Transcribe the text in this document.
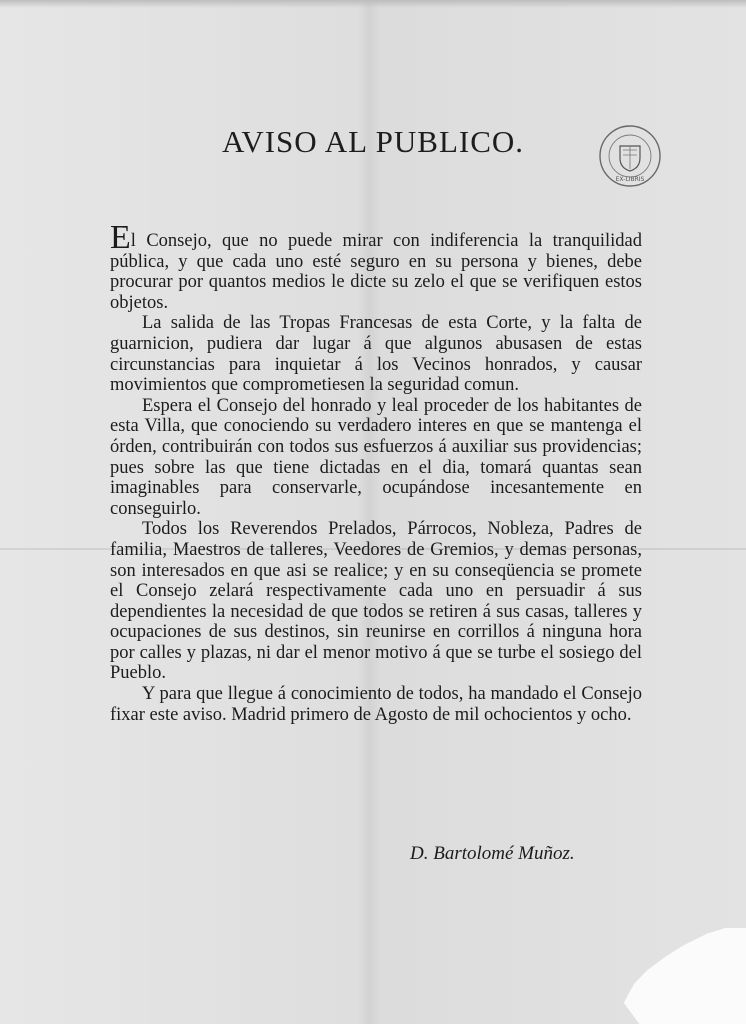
AVISO AL PUBLICO.
EX-LIBRIS

El Consejo, que no puede mirar con indiferencia la tranquilidad pública, y que cada uno esté seguro en su persona y bienes, debe procurar por quantos medios le dicte su zelo el que se verifiquen estos objetos.

La salida de las Tropas Francesas de esta Corte, y la falta de guarnicion, pudiera dar lugar á que algunos abusasen de estas circunstancias para inquietar á los Vecinos honrados, y causar movimientos que comprometiesen la seguridad comun.

Espera el Consejo del honrado y leal proceder de los habitantes de esta Villa, que conociendo su verdadero interes en que se mantenga el órden, contribuirán con todos sus esfuerzos á auxiliar sus providencias; pues sobre las que tiene dictadas en el dia, tomará quantas sean imaginables para conservarle, ocupándose incesantemente en conseguirlo.

Todos los Reverendos Prelados, Párrocos, Nobleza, Padres de familia, Maestros de talleres, Veedores de Gremios, y demas personas, son interesados en que asi se realice; y en su conseqüencia se promete el Consejo zelará respectivamente cada uno en persuadir á sus dependientes la necesidad de que todos se retiren á sus casas, talleres y ocupaciones de sus destinos, sin reunirse en corrillos á ninguna hora por calles y plazas, ni dar el menor motivo á que se turbe el sosiego del Pueblo.

Y para que llegue á conocimiento de todos, ha mandado el Consejo fixar este aviso. Madrid primero de Agosto de mil ochocientos y ocho.

D. Bartolomé Muñoz.
